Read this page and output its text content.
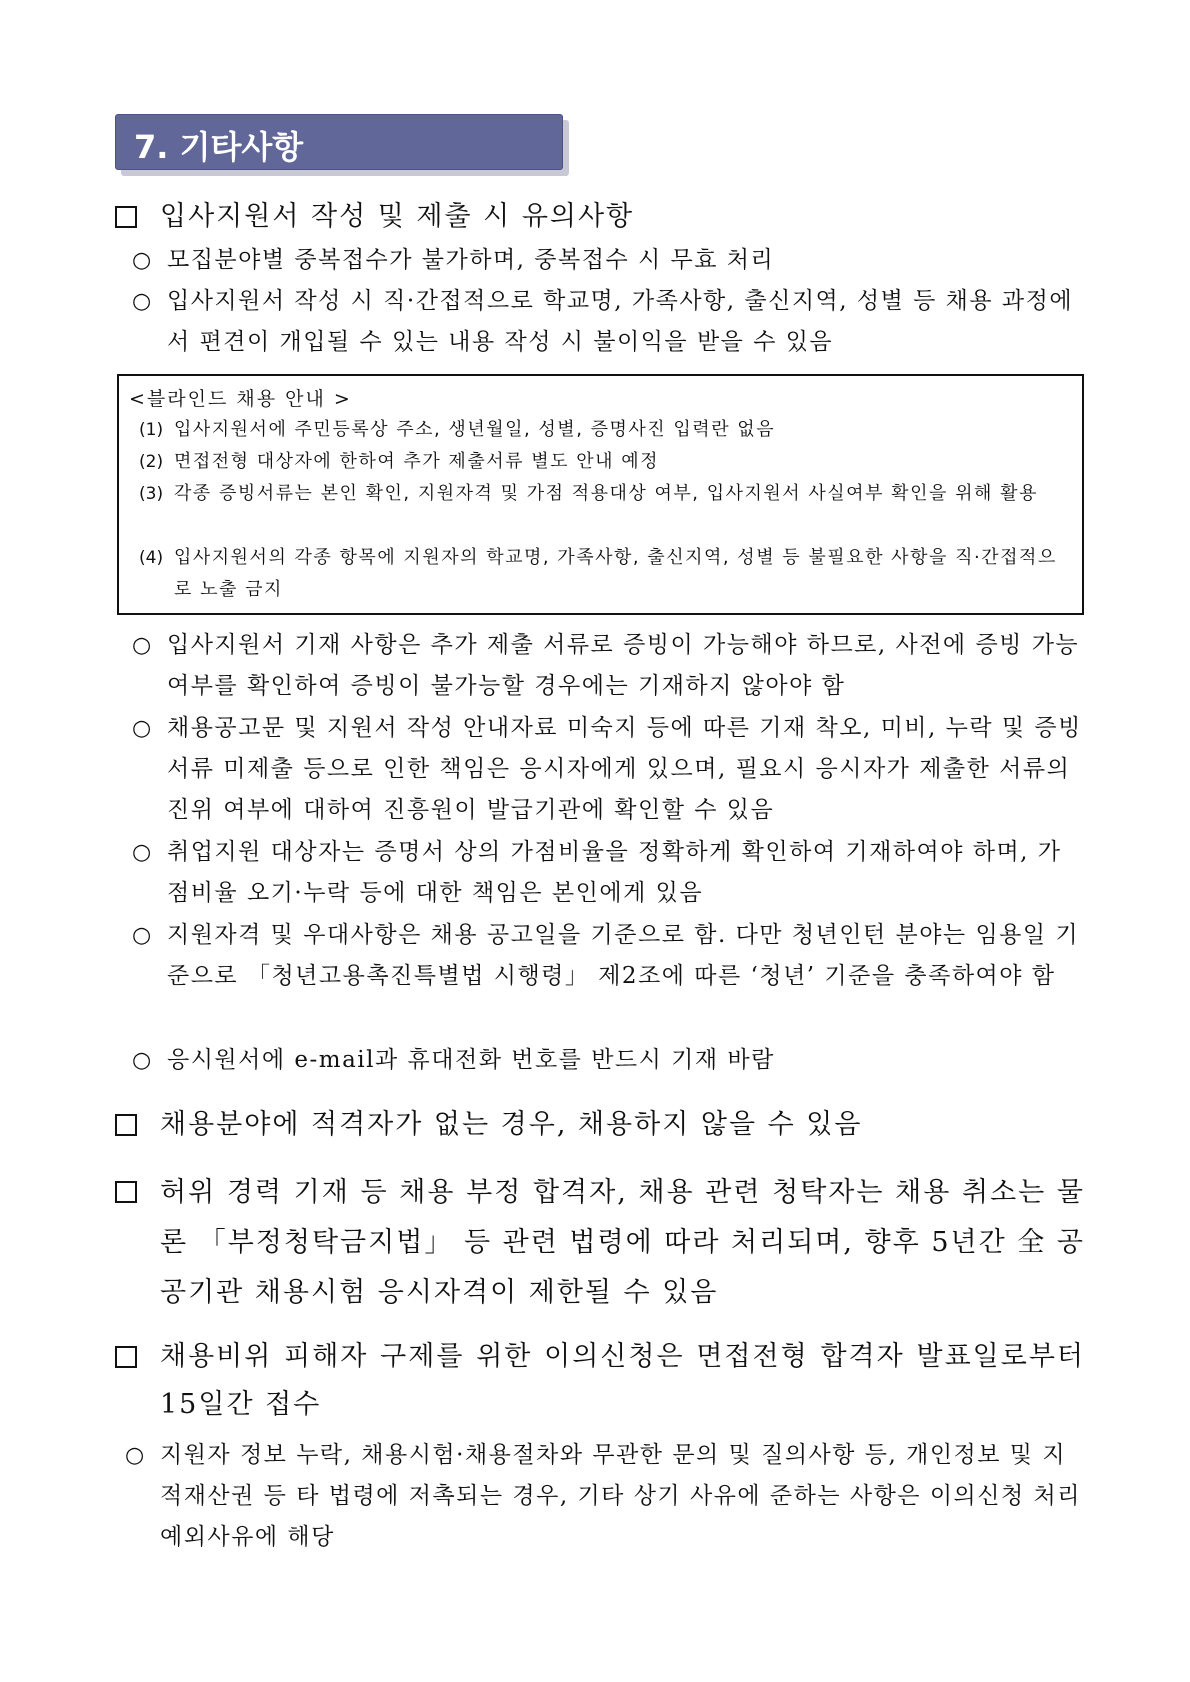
7. 기타사항
입사지원서 작성 및 제출 시 유의사항
○ 모집분야별 중복접수가 불가하며, 중복접수 시 무효 처리
○ 입사지원서 작성 시 직·간접적으로 학교명, 가족사항, 출신지역, 성별 등 채용 과정에서 편견이 개입될 수 있는 내용 작성 시 불이익을 받을 수 있음
<블라인드 채용 안내 >
(1) 입사지원서에 주민등록상 주소, 생년월일, 성별, 증명사진 입력란 없음
(2) 면접전형 대상자에 한하여 추가 제출서류 별도 안내 예정
(3) 각종 증빙서류는 본인 확인, 지원자격 및 가점 적용대상 여부, 입사지원서 사실여부 확인을 위해 활용
(4) 입사지원서의 각종 항목에 지원자의 학교명, 가족사항, 출신지역, 성별 등 불필요한 사항을 직·간접적으로 노출 금지
○ 입사지원서 기재 사항은 추가 제출 서류로 증빙이 가능해야 하므로, 사전에 증빙 가능 여부를 확인하여 증빙이 불가능할 경우에는 기재하지 않아야 함
○ 채용공고문 및 지원서 작성 안내자료 미숙지 등에 따른 기재 착오, 미비, 누락 및 증빙서류 미제출 등으로 인한 책임은 응시자에게 있으며, 필요시 응시자가 제출한 서류의 진위 여부에 대하여 진흥원이 발급기관에 확인할 수 있음
○ 취업지원 대상자는 증명서 상의 가점비율을 정확하게 확인하여 기재하여야 하며, 가점비율 오기·누락 등에 대한 책임은 본인에게 있음
○ 지원자격 및 우대사항은 채용 공고일을 기준으로 함. 다만 청년인턴 분야는 임용일 기준으로 「청년고용촉진특별법 시행령」 제2조에 따른 ‘청년’ 기준을 충족하여야 함
○ 응시원서에 e-mail과 휴대전화 번호를 반드시 기재 바람
채용분야에 적격자가 없는 경우, 채용하지 않을 수 있음
허위 경력 기재 등 채용 부정 합격자, 채용 관련 청탁자는 채용 취소는 물론 「부정청탁금지법」 등 관련 법령에 따라 처리되며, 향후 5년간 全 공공기관 채용시험 응시자격이 제한될 수 있음
채용비위 피해자 구제를 위한 이의신청은 면접전형 합격자 발표일로부터 15일간 접수
○ 지원자 정보 누락, 채용시험·채용절차와 무관한 문의 및 질의사항 등, 개인정보 및 지적재산권 등 타 법령에 저촉되는 경우, 기타 상기 사유에 준하는 사항은 이의신청 처리 예외사유에 해당
